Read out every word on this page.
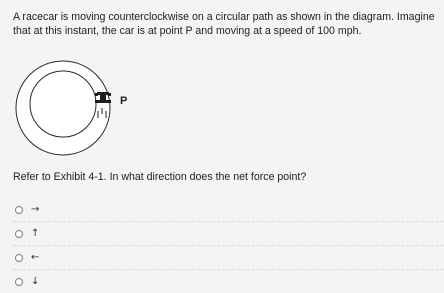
A racecar is moving counterclockwise on a circular path as shown in the diagram. Imagine that at this instant, the car is at point P and moving at a speed of 100 mph.

P

Refer to Exhibit 4-1. In what direction does the net force point?

→
↑
←
↓
